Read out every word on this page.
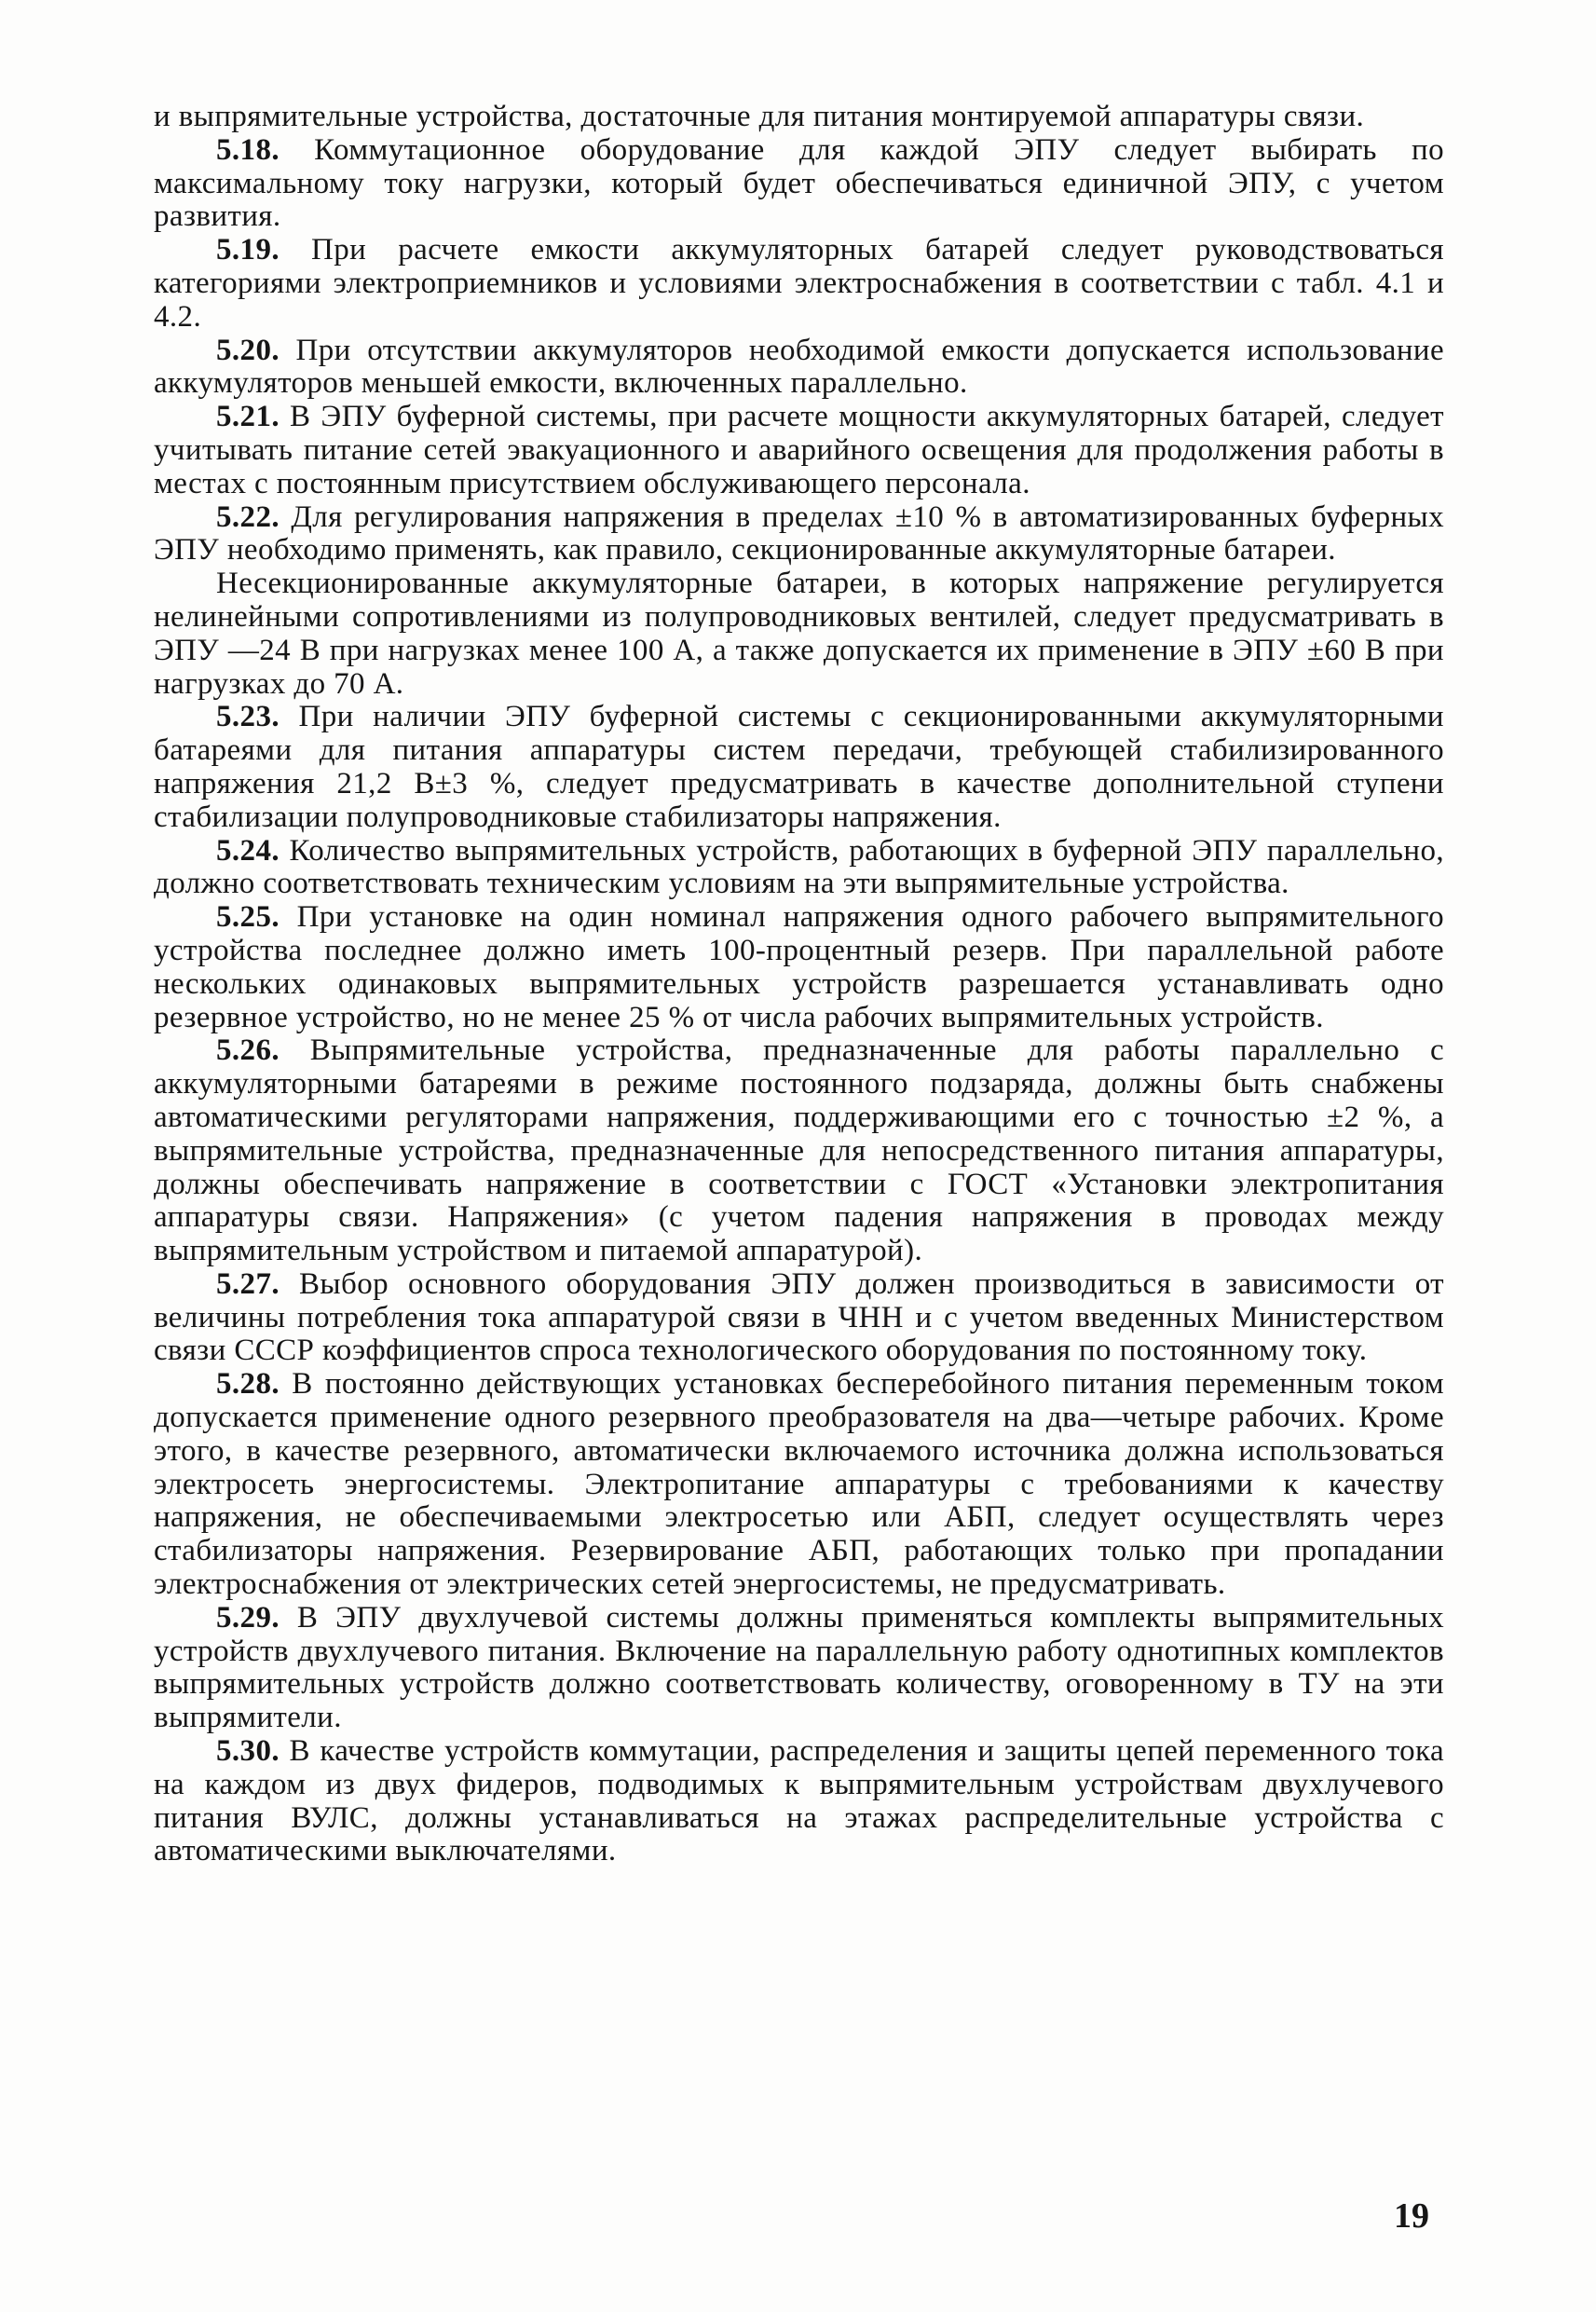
и выпрямительные устройства, достаточные для питания монтируемой аппаратуры связи.

5.18. Коммутационное оборудование для каждой ЭПУ следует выбирать по максимальному току нагрузки, который будет обеспечиваться единичной ЭПУ, с учетом развития.

5.19. При расчете емкости аккумуляторных батарей следует руководствоваться категориями электроприемников и условиями электроснабжения в соответствии с табл. 4.1 и 4.2.

5.20. При отсутствии аккумуляторов необходимой емкости допускается использование аккумуляторов меньшей емкости, включенных параллельно.

5.21. В ЭПУ буферной системы, при расчете мощности аккумуляторных батарей, следует учитывать питание сетей эвакуационного и аварийного освещения для продолжения работы в местах с постоянным присутствием обслуживающего персонала.

5.22. Для регулирования напряжения в пределах ±10 % в автоматизированных буферных ЭПУ необходимо применять, как правило, секционированные аккумуляторные батареи.

Несекционированные аккумуляторные батареи, в которых напряжение регулируется нелинейными сопротивлениями из полупроводниковых вентилей, следует предусматривать в ЭПУ —24 В при нагрузках менее 100 А, а также допускается их применение в ЭПУ ±60 В при нагрузках до 70 А.

5.23. При наличии ЭПУ буферной системы с секционированными аккумуляторными батареями для питания аппаратуры систем передачи, требующей стабилизированного напряжения 21,2 В±3 %, следует предусматривать в качестве дополнительной ступени стабилизации полупроводниковые стабилизаторы напряжения.

5.24. Количество выпрямительных устройств, работающих в буферной ЭПУ параллельно, должно соответствовать техническим условиям на эти выпрямительные устройства.

5.25. При установке на один номинал напряжения одного рабочего выпрямительного устройства последнее должно иметь 100-процентный резерв. При параллельной работе нескольких одинаковых выпрямительных устройств разрешается устанавливать одно резервное устройство, но не менее 25 % от числа рабочих выпрямительных устройств.

5.26. Выпрямительные устройства, предназначенные для работы параллельно с аккумуляторными батареями в режиме постоянного подзаряда, должны быть снабжены автоматическими регуляторами напряжения, поддерживающими его с точностью ±2 %, а выпрямительные устройства, предназначенные для непосредственного питания аппаратуры, должны обеспечивать напряжение в соответствии с ГОСТ «Установки электропитания аппаратуры связи. Напряжения» (с учетом падения напряжения в проводах между выпрямительным устройством и питаемой аппаратурой).

5.27. Выбор основного оборудования ЭПУ должен производиться в зависимости от величины потребления тока аппаратурой связи в ЧНН и с учетом введенных Министерством связи СССР коэффициентов спроса технологического оборудования по постоянному току.

5.28. В постоянно действующих установках бесперебойного питания переменным током допускается применение одного резервного преобразователя на два—четыре рабочих. Кроме этого, в качестве резервного, автоматически включаемого источника должна использоваться электросеть энергосистемы. Электропитание аппаратуры с требованиями к качеству напряжения, не обеспечиваемыми электросетью или АБП, следует осуществлять через стабилизаторы напряжения. Резервирование АБП, работающих только при пропадании электроснабжения от электрических сетей энергосистемы, не предусматривать.

5.29. В ЭПУ двухлучевой системы должны применяться комплекты выпрямительных устройств двухлучевого питания. Включение на параллельную работу однотипных комплектов выпрямительных устройств должно соответствовать количеству, оговоренному в ТУ на эти выпрямители.

5.30. В качестве устройств коммутации, распределения и защиты цепей переменного тока на каждом из двух фидеров, подводимых к выпрямительным устройствам двухлучевого питания ВУЛС, должны устанавливаться на этажах распределительные устройства с автоматическими выключателями.

19
